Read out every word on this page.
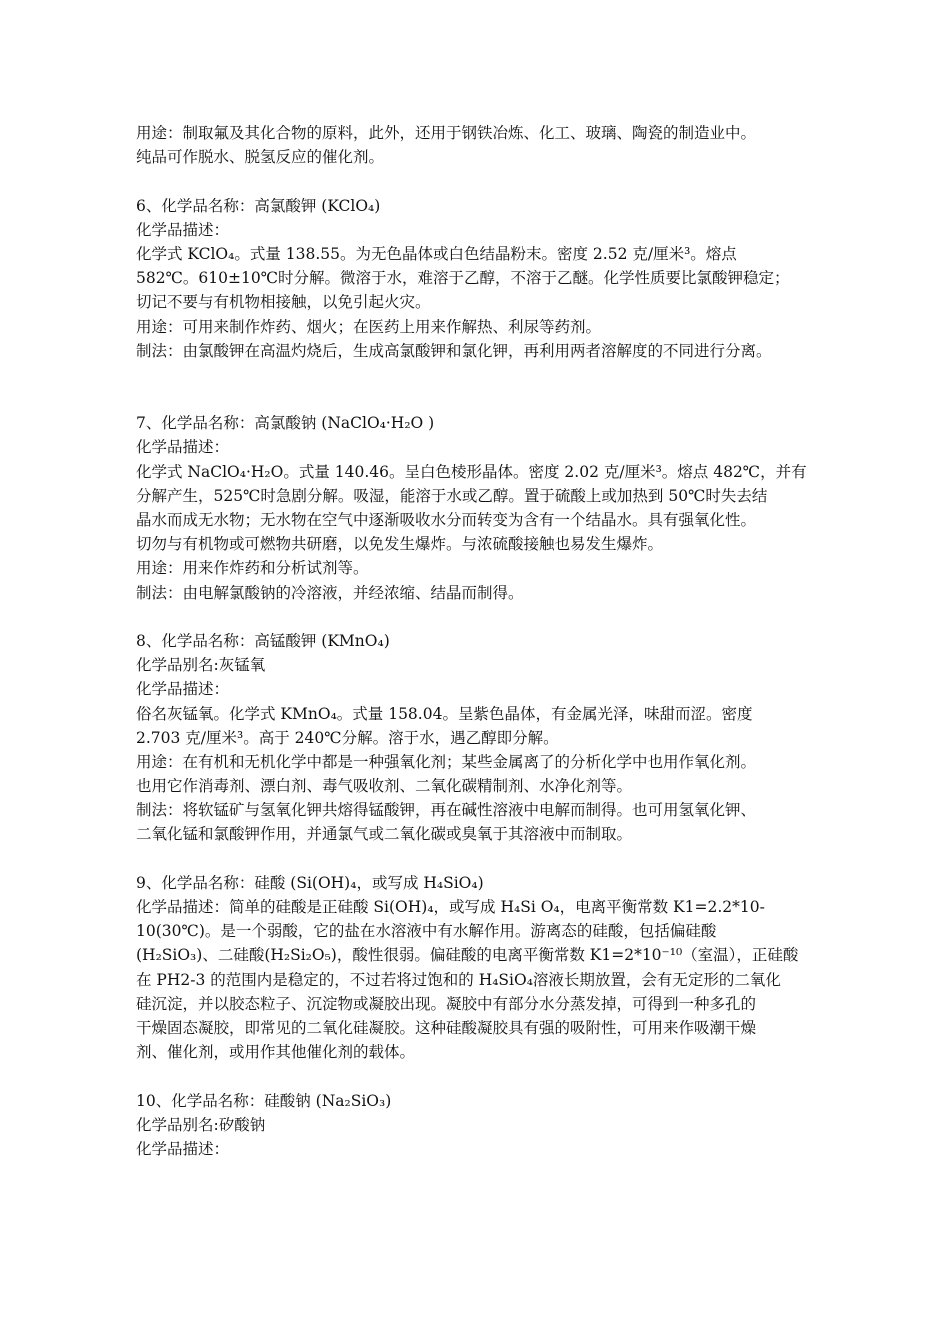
用途：制取氟及其化合物的原料，此外，还用于钢铁冶炼、化工、玻璃、陶瓷的制造业中。
纯品可作脱水、脱氢反应的催化剂。
6、化学品名称：高氯酸钾 (KClO₄)
化学品描述：
化学式 KClO₄。式量 138.55。为无色晶体或白色结晶粉末。密度 2.52 克/厘米³。熔点
582℃。610±10℃时分解。微溶于水，难溶于乙醇，不溶于乙醚。化学性质要比氯酸钾稳定；
切记不要与有机物相接触，以免引起火灾。
用途：可用来制作炸药、烟火；在医药上用来作解热、利尿等药剂。
制法：由氯酸钾在高温灼烧后，生成高氯酸钾和氯化钾，再利用两者溶解度的不同进行分离。
7、化学品名称：高氯酸钠 (NaClO₄·H₂O )
化学品描述：
化学式 NaClO₄·H₂O。式量 140.46。呈白色棱形晶体。密度 2.02 克/厘米³。熔点 482℃，并有
分解产生，525℃时急剧分解。吸湿，能溶于水或乙醇。置于硫酸上或加热到 50℃时失去结
晶水而成无水物；无水物在空气中逐渐吸收水分而转变为含有一个结晶水。具有强氧化性。
切勿与有机物或可燃物共研磨，以免发生爆炸。与浓硫酸接触也易发生爆炸。
用途：用来作炸药和分析试剂等。
制法：由电解氯酸钠的冷溶液，并经浓缩、结晶而制得。
8、化学品名称：高锰酸钾 (KMnO₄)
化学品别名:灰锰氧
化学品描述：
俗名灰锰氧。化学式 KMnO₄。式量 158.04。呈紫色晶体，有金属光泽，味甜而涩。密度
2.703 克/厘米³。高于 240℃分解。溶于水，遇乙醇即分解。
用途：在有机和无机化学中都是一种强氧化剂；某些金属离了的分析化学中也用作氧化剂。
也用它作消毒剂、漂白剂、毒气吸收剂、二氧化碳精制剂、水净化剂等。
制法：将软锰矿与氢氧化钾共熔得锰酸钾，再在碱性溶液中电解而制得。也可用氢氧化钾、
二氧化锰和氯酸钾作用，并通氯气或二氧化碳或臭氧于其溶液中而制取。
9、化学品名称：硅酸 (Si(OH)₄，或写成 H₄SiO₄)
化学品描述：简单的硅酸是正硅酸 Si(OH)₄，或写成 H₄Si O₄，电离平衡常数 K1=2.2*10-
10(30℃)。是一个弱酸，它的盐在水溶液中有水解作用。游离态的硅酸，包括偏硅酸
(H₂SiO₃)、二硅酸(H₂Si₂O₅)，酸性很弱。偏硅酸的电离平衡常数 K1=2*10⁻¹⁰（室温），正硅酸
在 PH2-3 的范围内是稳定的，不过若将过饱和的 H₄SiO₄溶液长期放置，会有无定形的二氧化
硅沉淀，并以胶态粒子、沉淀物或凝胶出现。凝胶中有部分水分蒸发掉，可得到一种多孔的
干燥固态凝胶，即常见的二氧化硅凝胶。这种硅酸凝胶具有强的吸附性，可用来作吸潮干燥
剂、催化剂，或用作其他催化剂的载体。
10、化学品名称：硅酸钠 (Na₂SiO₃)
化学品别名:矽酸钠
化学品描述：
